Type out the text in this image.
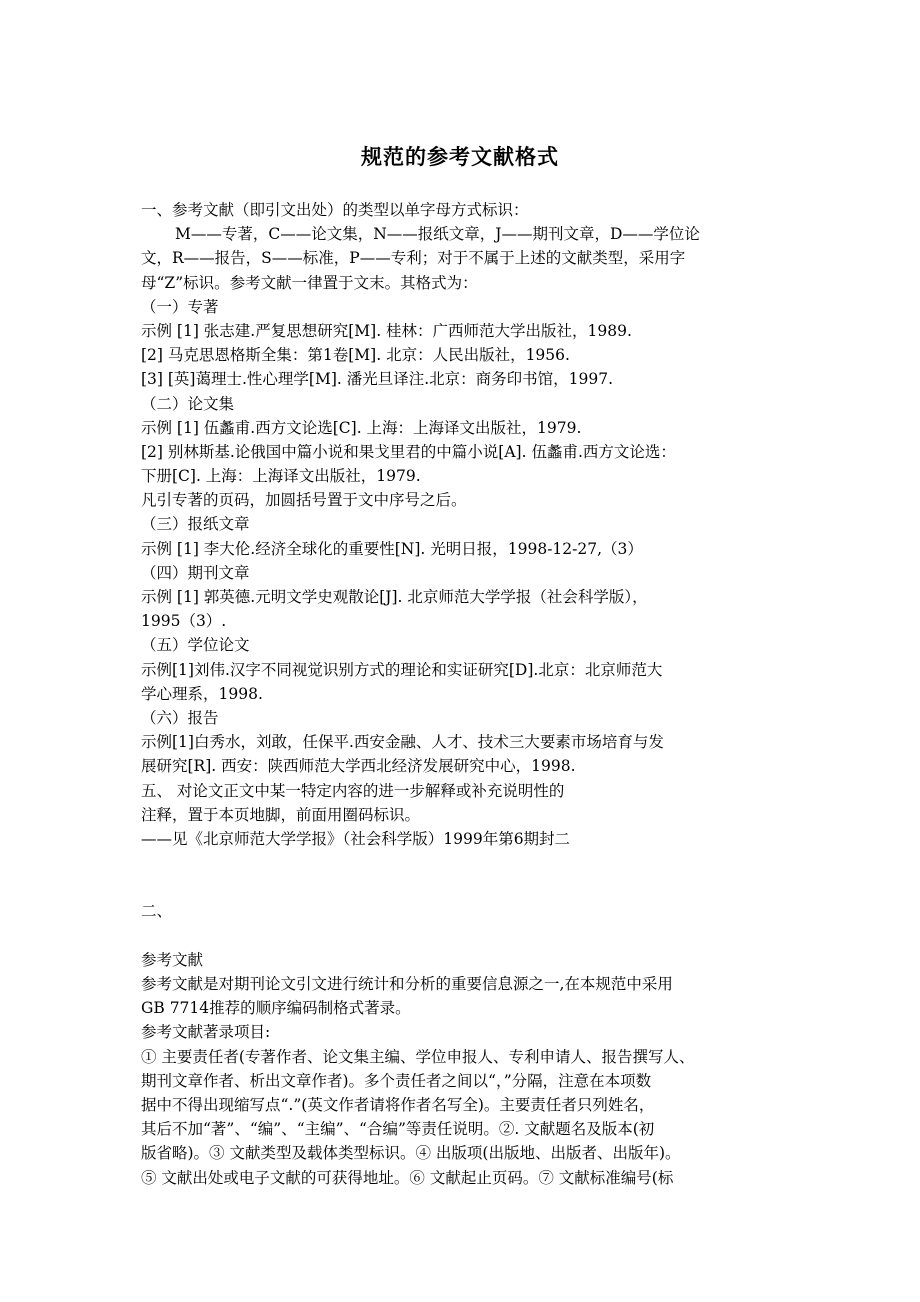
规范的参考文献格式
一、参考文献（即引文出处）的类型以单字母方式标识：
M——专著，C——论文集，N——报纸文章，J——期刊文章，D——学位论
文，R——报告，S——标准，P——专利；对于不属于上述的文献类型，采用字
母“Z”标识。参考文献一律置于文末。其格式为：
（一）专著
示例 [1] 张志建.严复思想研究[M]. 桂林：广西师范大学出版社，1989.
[2] 马克思恩格斯全集：第1卷[M]. 北京：人民出版社，1956.
[3] [英]蔼理士.性心理学[M]. 潘光旦译注.北京：商务印书馆，1997.
（二）论文集
示例 [1] 伍蠡甫.西方文论选[C]. 上海：上海译文出版社，1979.
[2] 别林斯基.论俄国中篇小说和果戈里君的中篇小说[A]. 伍蠡甫.西方文论选：
下册[C]. 上海：上海译文出版社，1979.
凡引专著的页码，加圆括号置于文中序号之后。
（三）报纸文章
示例 [1] 李大伦.经济全球化的重要性[N]. 光明日报，1998-12-27,（3）
（四）期刊文章
示例 [1] 郭英德.元明文学史观散论[J]. 北京师范大学学报（社会科学版），
1995（3）.
（五）学位论文
示例[1]刘伟.汉字不同视觉识别方式的理论和实证研究[D].北京：北京师范大
学心理系，1998.
（六）报告
示例[1]白秀水，刘敢，任保平.西安金融、人才、技术三大要素市场培育与发
展研究[R]. 西安：陕西师范大学西北经济发展研究中心，1998.
五、 对论文正文中某一特定内容的进一步解释或补充说明性的
注释，置于本页地脚，前面用圈码标识。
——见《北京师范大学学报》（社会科学版）1999年第6期封二
二、
参考文献
参考文献是对期刊论文引文进行统计和分析的重要信息源之一,在本规范中采用
GB 7714推荐的顺序编码制格式著录。
参考文献著录项目:
① 主要责任者(专著作者、论文集主编、学位申报人、专利申请人、报告撰写人、
期刊文章作者、析出文章作者)。多个责任者之间以“，”分隔，注意在本项数
据中不得出现缩写点“.”(英文作者请将作者名写全)。主要责任者只列姓名，
其后不加“著”、“编”、“主编”、“合编”等责任说明。②. 文献题名及版本(初
版省略)。③ 文献类型及载体类型标识。④ 出版项(出版地、出版者、出版年)。
⑤ 文献出处或电子文献的可获得地址。⑥ 文献起止页码。⑦ 文献标准编号(标
